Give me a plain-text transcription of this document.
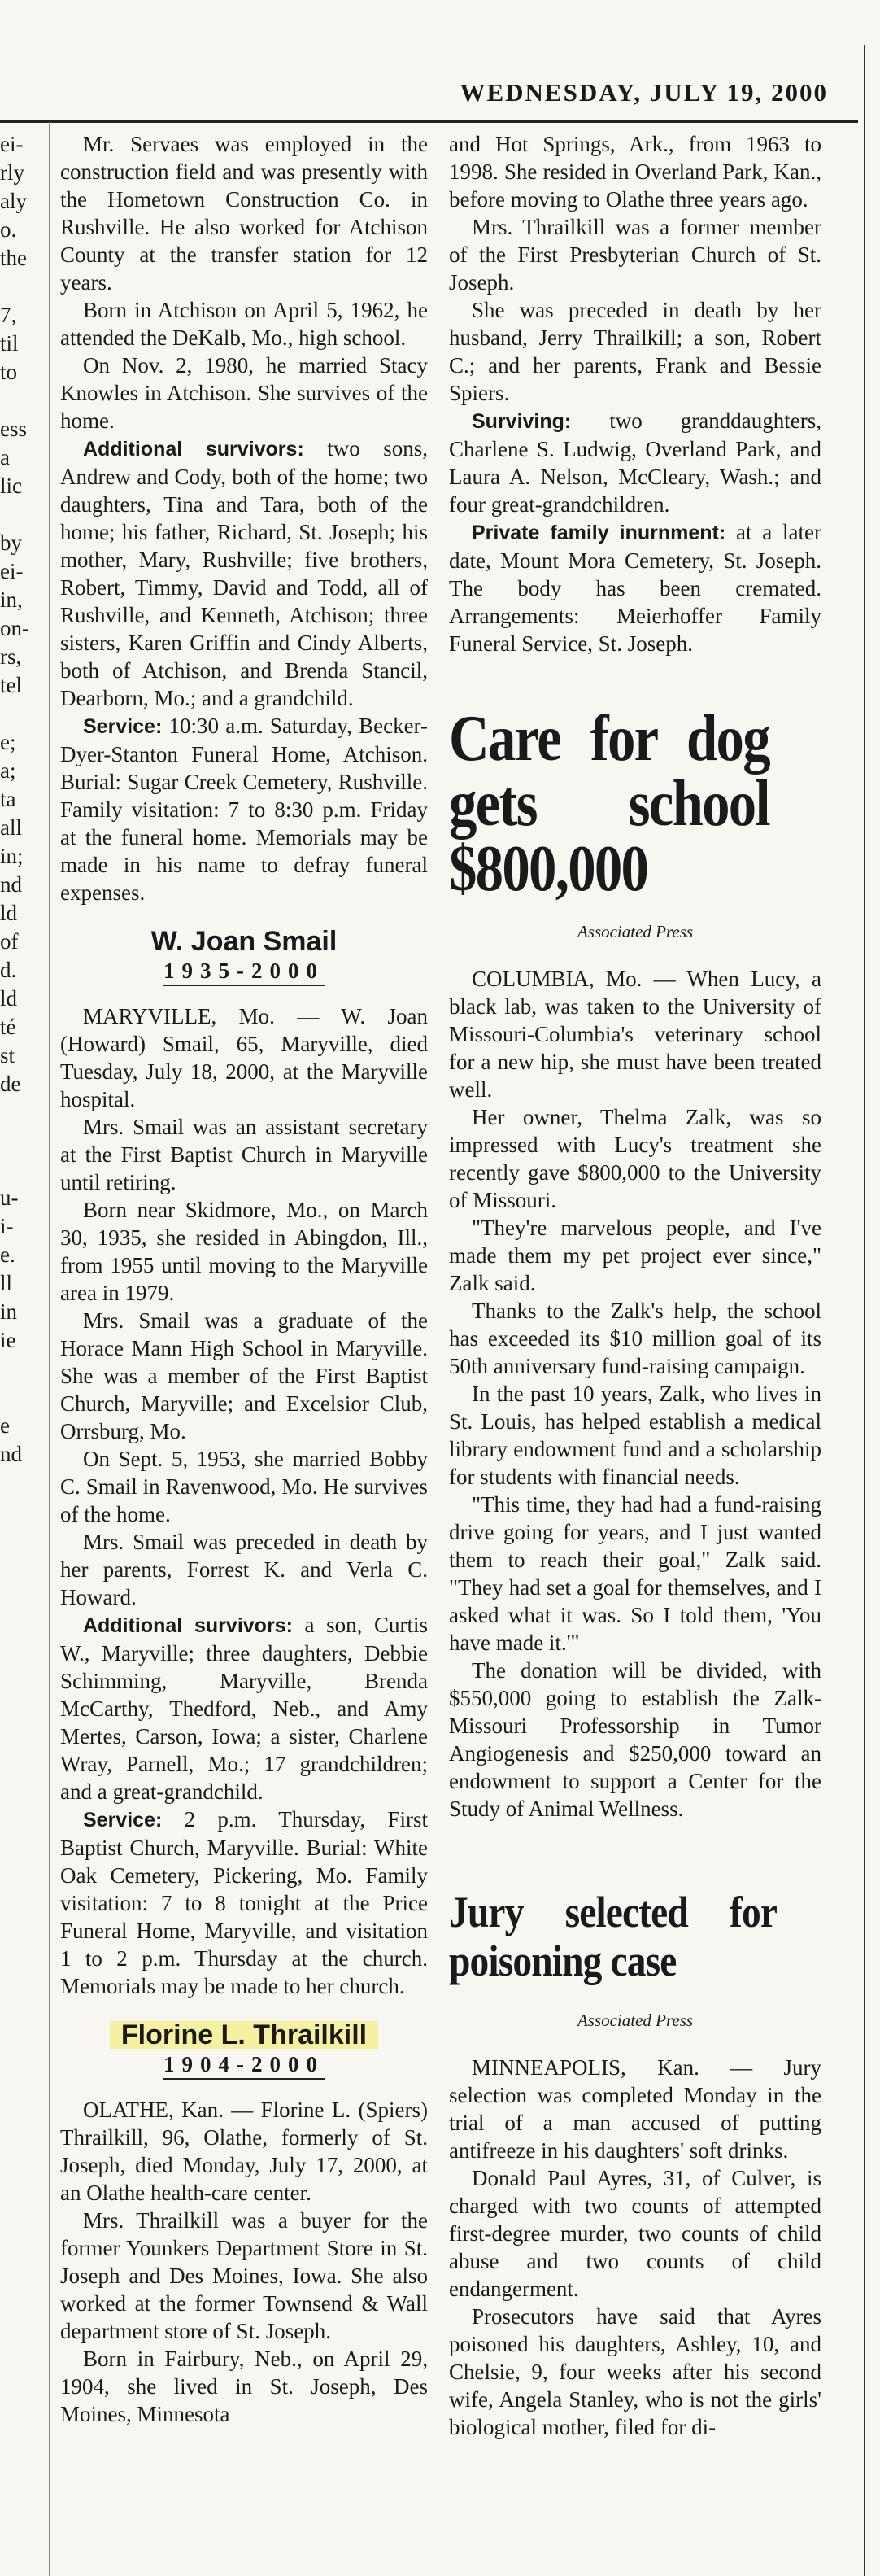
WEDNESDAY, JULY 19, 2000
ei-
rly
aly
o.
the
7,
til
to
ess
a
lic
by
ei-
in,
on-
rs,
tel
e;
a;
ta
all
in;
nd
ld
of
d.
ld
té
st
de
u-
i-
e.
ll
in
ie
e
nd

Mr. Servaes was employed in the construction field and was presently with the Hometown Construction Co. in Rushville. He also worked for Atchison County at the transfer station for 12 years.

Born in Atchison on April 5, 1962, he attended the DeKalb, Mo., high school.

On Nov. 2, 1980, he married Stacy Knowles in Atchison. She survives of the home.

Additional survivors: two sons, Andrew and Cody, both of the home; two daughters, Tina and Tara, both of the home; his father, Richard, St. Joseph; his mother, Mary, Rushville; five brothers, Robert, Timmy, David and Todd, all of Rushville, and Kenneth, Atchison; three sisters, Karen Griffin and Cindy Alberts, both of Atchison, and Brenda Stancil, Dearborn, Mo.; and a grandchild.

Service: 10:30 a.m. Saturday, Becker-Dyer-Stanton Funeral Home, Atchison. Burial: Sugar Creek Cemetery, Rushville. Family visitation: 7 to 8:30 p.m. Friday at the funeral home. Memorials may be made in his name to defray funeral expenses.

W. Joan Smail
1935-2000

MARYVILLE, Mo. — W. Joan (Howard) Smail, 65, Maryville, died Tuesday, July 18, 2000, at the Maryville hospital.

Mrs. Smail was an assistant secretary at the First Baptist Church in Maryville until retiring.

Born near Skidmore, Mo., on March 30, 1935, she resided in Abingdon, Ill., from 1955 until moving to the Maryville area in 1979.

Mrs. Smail was a graduate of the Horace Mann High School in Maryville. She was a member of the First Baptist Church, Maryville; and Excelsior Club, Orrsburg, Mo.

On Sept. 5, 1953, she married Bobby C. Smail in Ravenwood, Mo. He survives of the home.

Mrs. Smail was preceded in death by her parents, Forrest K. and Verla C. Howard.

Additional survivors: a son, Curtis W., Maryville; three daughters, Debbie Schimming, Maryville, Brenda McCarthy, Thedford, Neb., and Amy Mertes, Carson, Iowa; a sister, Charlene Wray, Parnell, Mo.; 17 grandchildren; and a great-grandchild.

Service: 2 p.m. Thursday, First Baptist Church, Maryville. Burial: White Oak Cemetery, Pickering, Mo. Family visitation: 7 to 8 tonight at the Price Funeral Home, Maryville, and visitation 1 to 2 p.m. Thursday at the church. Memorials may be made to her church.

Florine L. Thrailkill
1904-2000

OLATHE, Kan. — Florine L. (Spiers) Thrailkill, 96, Olathe, formerly of St. Joseph, died Monday, July 17, 2000, at an Olathe health-care center.

Mrs. Thrailkill was a buyer for the former Younkers Department Store in St. Joseph and Des Moines, Iowa. She also worked at the former Townsend & Wall department store of St. Joseph.

Born in Fairbury, Neb., on April 29, 1904, she lived in St. Joseph, Des Moines, Minnesota

and Hot Springs, Ark., from 1963 to 1998. She resided in Overland Park, Kan., before moving to Olathe three years ago.

Mrs. Thrailkill was a former member of the First Presbyterian Church of St. Joseph.

She was preceded in death by her husband, Jerry Thrailkill; a son, Robert C.; and her parents, Frank and Bessie Spiers.

Surviving: two granddaughters, Charlene S. Ludwig, Overland Park, and Laura A. Nelson, McCleary, Wash.; and four great-grandchildren.

Private family inurnment: at a later date, Mount Mora Cemetery, St. Joseph. The body has been cremated. Arrangements: Meierhoffer Family Funeral Service, St. Joseph.

Care for dog gets school $800,000
Associated Press

COLUMBIA, Mo. — When Lucy, a black lab, was taken to the University of Missouri-Columbia's veterinary school for a new hip, she must have been treated well.

Her owner, Thelma Zalk, was so impressed with Lucy's treatment she recently gave $800,000 to the University of Missouri.

"They're marvelous people, and I've made them my pet project ever since," Zalk said.

Thanks to the Zalk's help, the school has exceeded its $10 million goal of its 50th anniversary fund-raising campaign.

In the past 10 years, Zalk, who lives in St. Louis, has helped establish a medical library endowment fund and a scholarship for students with financial needs.

"This time, they had had a fund-raising drive going for years, and I just wanted them to reach their goal," Zalk said. "They had set a goal for themselves, and I asked what it was. So I told them, 'You have made it.'"

The donation will be divided, with $550,000 going to establish the Zalk-Missouri Professorship in Tumor Angiogenesis and $250,000 toward an endowment to support a Center for the Study of Animal Wellness.

Jury selected for poisoning case
Associated Press

MINNEAPOLIS, Kan. — Jury selection was completed Monday in the trial of a man accused of putting antifreeze in his daughters' soft drinks.

Donald Paul Ayres, 31, of Culver, is charged with two counts of attempted first-degree murder, two counts of child abuse and two counts of child endangerment.

Prosecutors have said that Ayres poisoned his daughters, Ashley, 10, and Chelsie, 9, four weeks after his second wife, Angela Stanley, who is not the girls' biological mother, filed for di-
